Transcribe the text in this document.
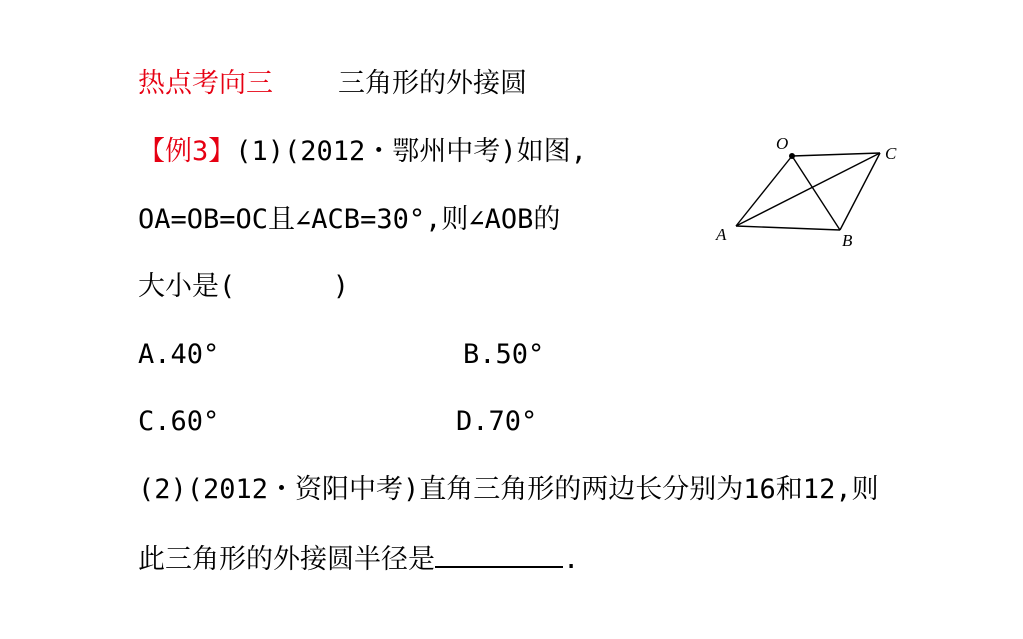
热点考向三 三角形的外接圆
【例3】(1)(2012・鄂州中考)如图,
OA=OB=OC且∠ACB=30°,则∠AOB的
大小是(      )
A.40°	B.50°
C.60°	D.70°
(2)(2012・资阳中考)直角三角形的两边长分别为16和12,则
此三角形的外接圆半径是	.
O
C
A	B
